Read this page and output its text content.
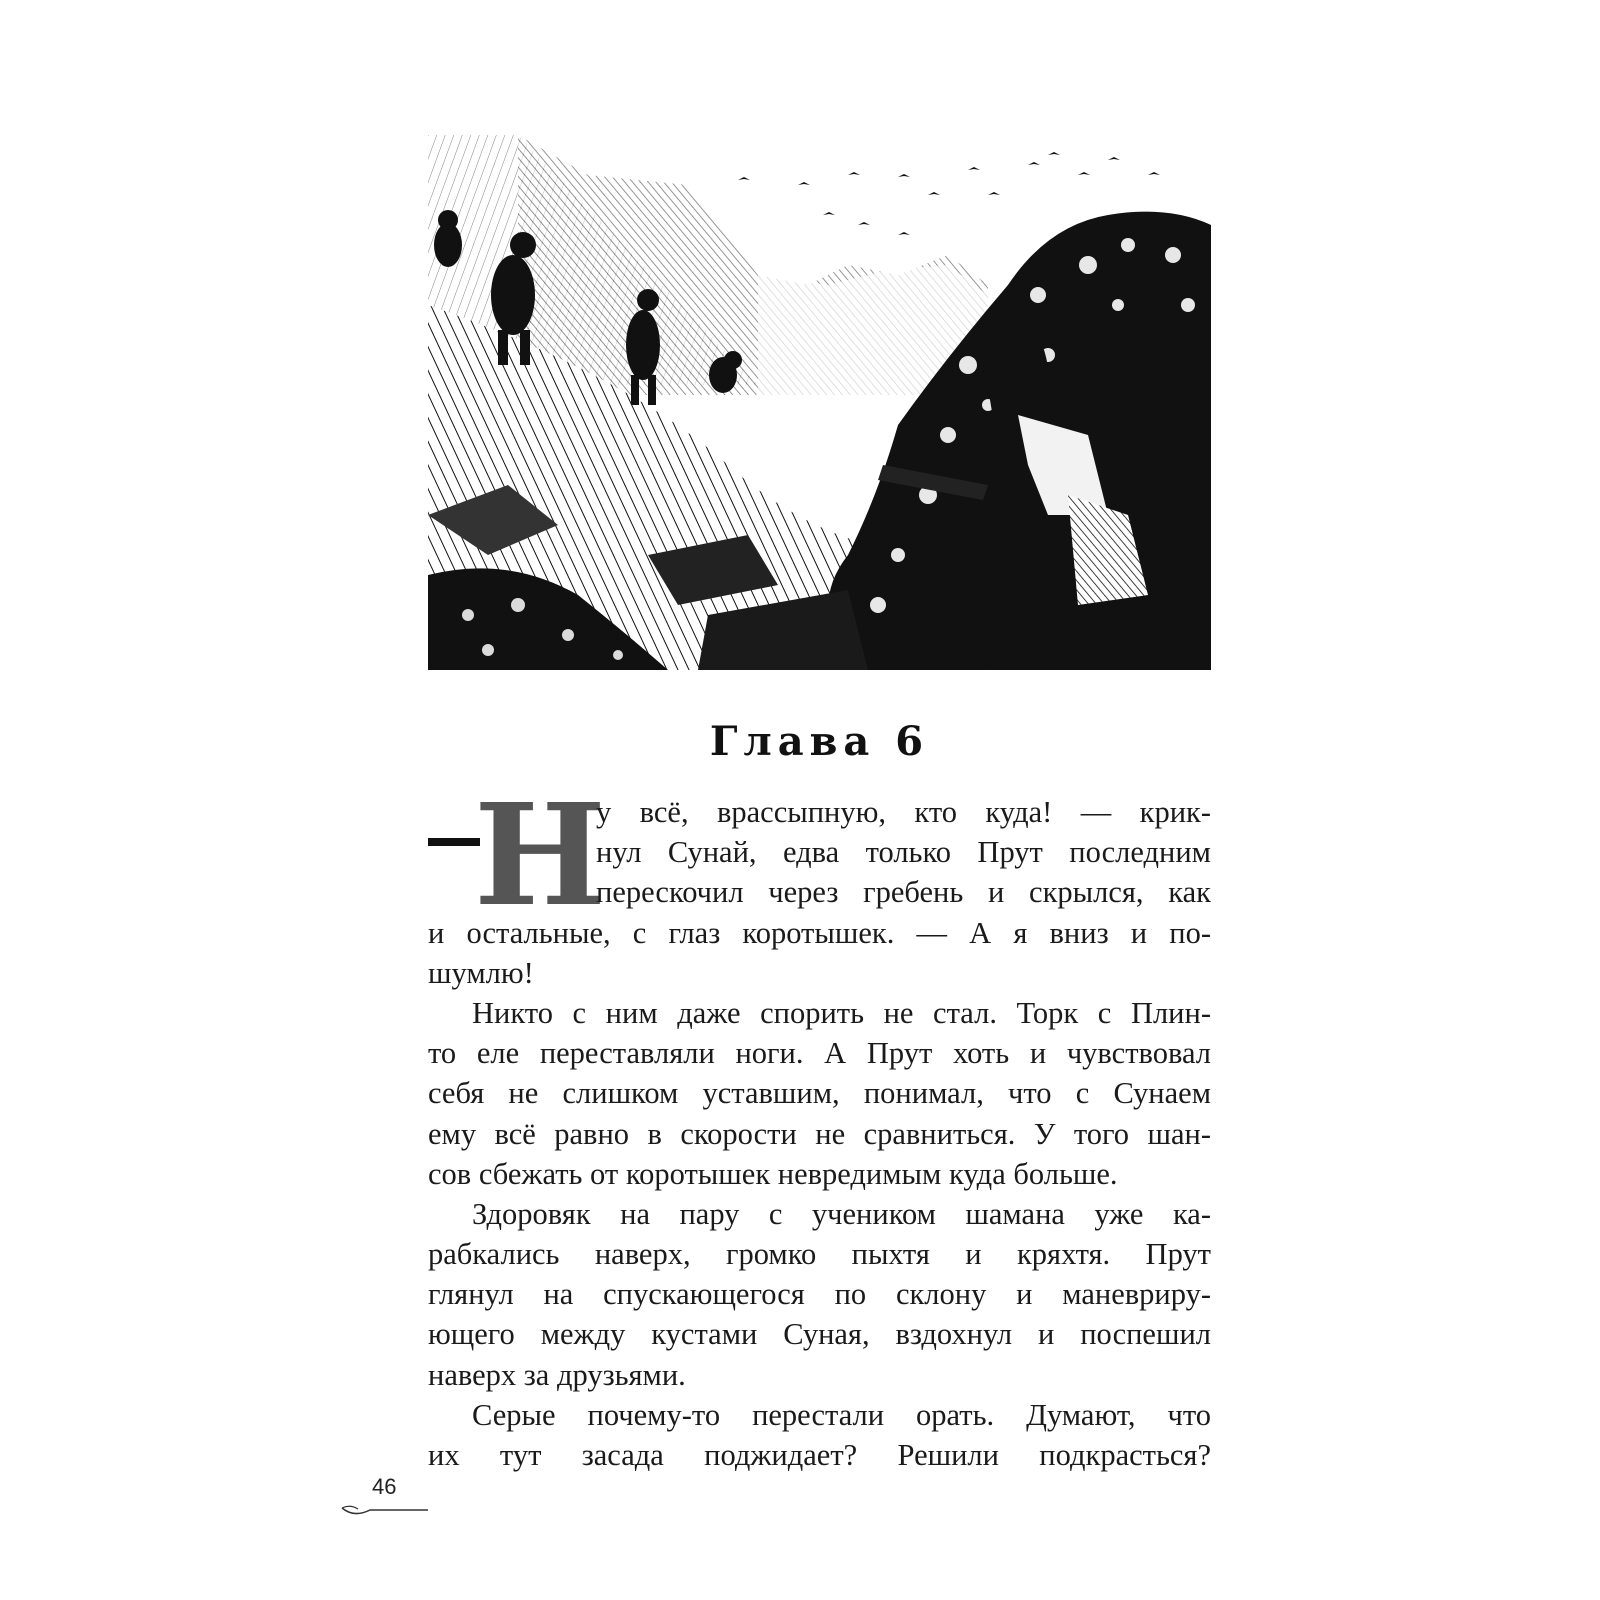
Глава 6
Н
у всё, врассыпную, кто куда! — крик-
нул Сунай, едва только Прут последним
перескочил через гребень и скрылся, как
и остальные, с глаз коротышек. — А я вниз и по-
шумлю!
Никто с ним даже спорить не стал. Торк с Плин-
то еле переставляли ноги. А Прут хоть и чувствовал
себя не слишком уставшим, понимал, что с Сунаем
ему всё равно в скорости не сравниться. У того шан-
сов сбежать от коротышек невредимым куда больше.
Здоровяк на пару с учеником шамана уже ка-
рабкались наверх, громко пыхтя и кряхтя. Прут
глянул на спускающегося по склону и маневриру-
ющего между кустами Суная, вздохнул и поспешил
наверх за друзьями.
Серые почему-то перестали орать. Думают, что
их тут засада поджидает? Решили подкрасться?
46
